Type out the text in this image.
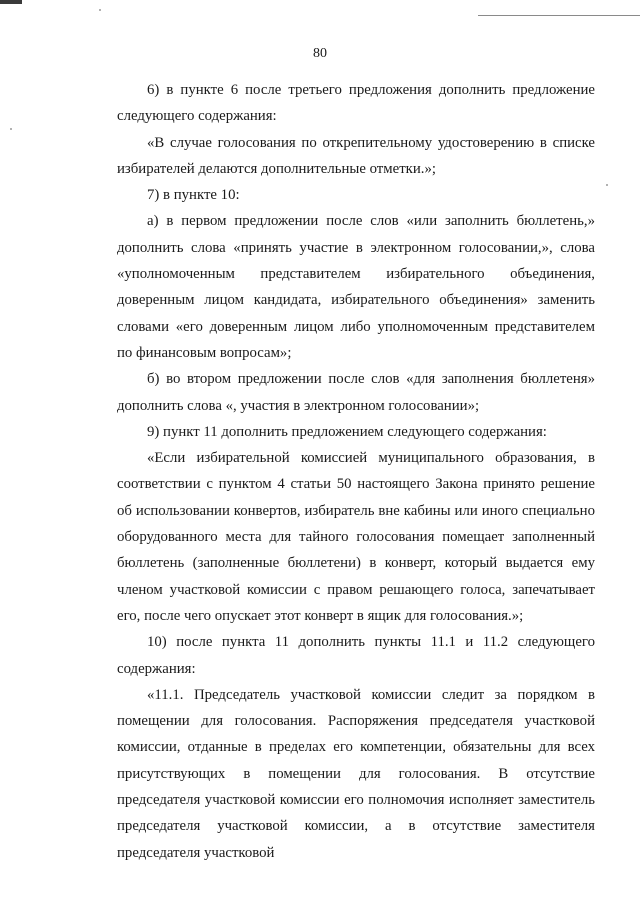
80

6) в пункте 6 после третьего предложения дополнить предложение следующего содержания:

«В случае голосования по открепительному удостоверению в списке избирателей делаются дополнительные отметки.»;

7) в пункте 10:

а) в первом предложении после слов «или заполнить бюллетень,» дополнить слова «принять участие в электронном голосовании,», слова «уполномоченным представителем избирательного объединения, доверенным лицом кандидата, избирательного объединения» заменить словами «его доверенным лицом либо уполномоченным представителем по финансовым вопросам»;

б) во втором предложении после слов «для заполнения бюллетеня» дополнить слова «, участия в электронном голосовании»;

9) пункт 11 дополнить предложением следующего содержания:

«Если избирательной комиссией муниципального образования, в соответствии с пунктом 4 статьи 50 настоящего Закона принято решение об использовании конвертов, избиратель вне кабины или иного специально оборудованного места для тайного голосования помещает заполненный бюллетень (заполненные бюллетени) в конверт, который выдается ему членом участковой комиссии с правом решающего голоса, запечатывает его, после чего опускает этот конверт в ящик для голосования.»;

10) после пункта 11 дополнить пункты 11.1 и 11.2 следующего содержания:

«11.1. Председатель участковой комиссии следит за порядком в помещении для голосования. Распоряжения председателя участковой комиссии, отданные в пределах его компетенции, обязательны для всех присутствующих в помещении для голосования. В отсутствие председателя участковой комиссии его полномочия исполняет заместитель председателя участковой комиссии, а в отсутствие заместителя председателя участковой
